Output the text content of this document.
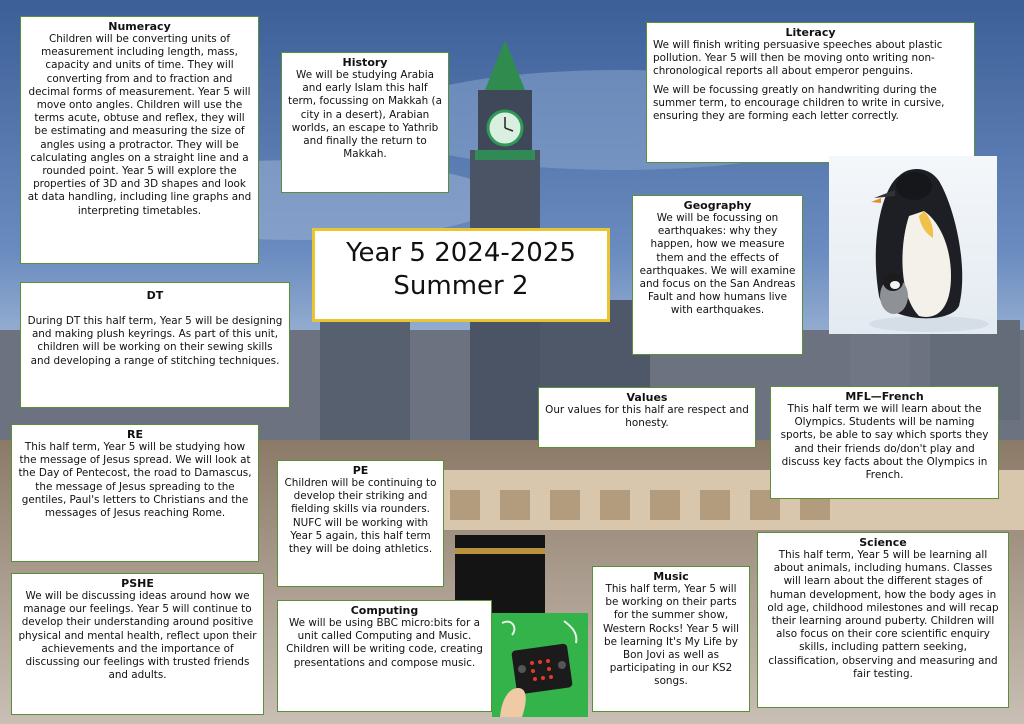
Numeracy

Children will be converting units of measurement including length, mass, capacity and units of time. They will converting from and to fraction and decimal forms of measurement. Year 5 will move onto angles. Children will use the terms acute, obtuse and reflex, they will be estimating and measuring the size of angles using a protractor. They will be calculating angles on a straight line and a rounded point. Year 5 will explore the properties of 3D and 3D shapes and look at data handling, including line graphs and interpreting timetables.

History

We will be studying Arabia and early Islam this half term, focussing on Makkah (a city in a desert), Arabian worlds, an escape to Yathrib and finally the return to Makkah.

Literacy

We will finish writing persuasive speeches about plastic pollution. Year 5 will then be moving onto writing non-chronological reports all about emperor penguins.

We will be focussing greatly on handwriting during the summer term, to encourage children to write in cursive, ensuring they are forming each letter correctly.

Year 5 2024-2025
Summer 2
Geography

We will be focussing on earthquakes: why they happen, how we measure them and the effects of earthquakes. We will examine and focus on the San Andreas Fault and how humans live with earthquakes.

DT

During DT this half term, Year 5 will be designing and making plush keyrings. As part of this unit, children will be working on their sewing skills and developing a range of stitching techniques.

Values

Our values for this half are respect and honesty.

MFL—French

This half term we will learn about the Olympics. Students will be naming sports, be able to say which sports they and their friends do/don't play and discuss key facts about the Olympics in French.

RE

This half term, Year 5 will be studying how the message of Jesus spread. We will look at the Day of Pentecost, the road to Damascus, the message of Jesus spreading to the gentiles, Paul's letters to Christians and the messages of Jesus reaching Rome.

PE

Children will be continuing to develop their striking and fielding skills via rounders. NUFC will be working with Year 5 again, this half term they will be doing athletics.

PSHE

We will be discussing ideas around how we manage our feelings. Year 5 will continue to develop their understanding around positive physical and mental health, reflect upon their achievements and the importance of discussing our feelings with trusted friends and adults.

Computing

We will be using BBC micro:bits for a unit called Computing and Music. Children will be writing code, creating presentations and compose music.

Music

This half term, Year 5 will be working on their parts for the summer show, Western Rocks! Year 5 will be learning It's My Life by Bon Jovi as well as participating in our KS2 songs.

Science

This half term, Year 5 will be learning all about animals, including humans. Classes will learn about the different stages of human development, how the body ages in old age, childhood milestones and will recap their learning around puberty. Children will also focus on their core scientific enquiry skills, including pattern seeking, classification, observing and measuring and fair testing.
